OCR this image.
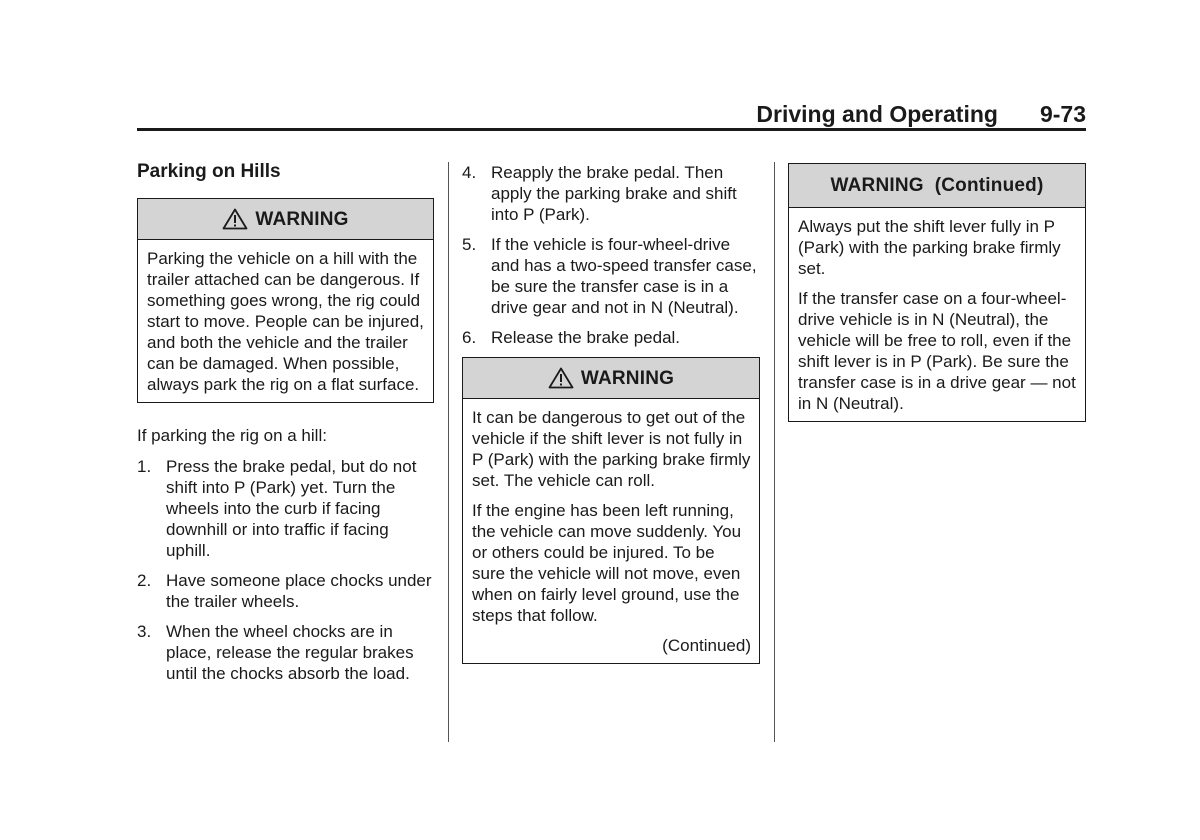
Driving and Operating 9-73
Parking on Hills
WARNING

Parking the vehicle on a hill with the trailer attached can be dangerous. If something goes wrong, the rig could start to move. People can be injured, and both the vehicle and the trailer can be damaged. When possible, always park the rig on a flat surface.

If parking the rig on a hill:

1. Press the brake pedal, but do not shift into P (Park) yet. Turn the wheels into the curb if facing downhill or into traffic if facing uphill.
2. Have someone place chocks under the trailer wheels.
3. When the wheel chocks are in place, release the regular brakes until the chocks absorb the load.
4. Reapply the brake pedal. Then apply the parking brake and shift into P (Park).
5. If the vehicle is four-wheel-drive and has a two-speed transfer case, be sure the transfer case is in a drive gear and not in N (Neutral).
6. Release the brake pedal.
WARNING

It can be dangerous to get out of the vehicle if the shift lever is not fully in P (Park) with the parking brake firmly set. The vehicle can roll.

If the engine has been left running, the vehicle can move suddenly. You or others could be injured. To be sure the vehicle will not move, even when on fairly level ground, use the steps that follow.

(Continued)
WARNING  (Continued)

Always put the shift lever fully in P (Park) with the parking brake firmly set.

If the transfer case on a four-wheel-drive vehicle is in N (Neutral), the vehicle will be free to roll, even if the shift lever is in P (Park). Be sure the transfer case is in a drive gear — not in N (Neutral).
